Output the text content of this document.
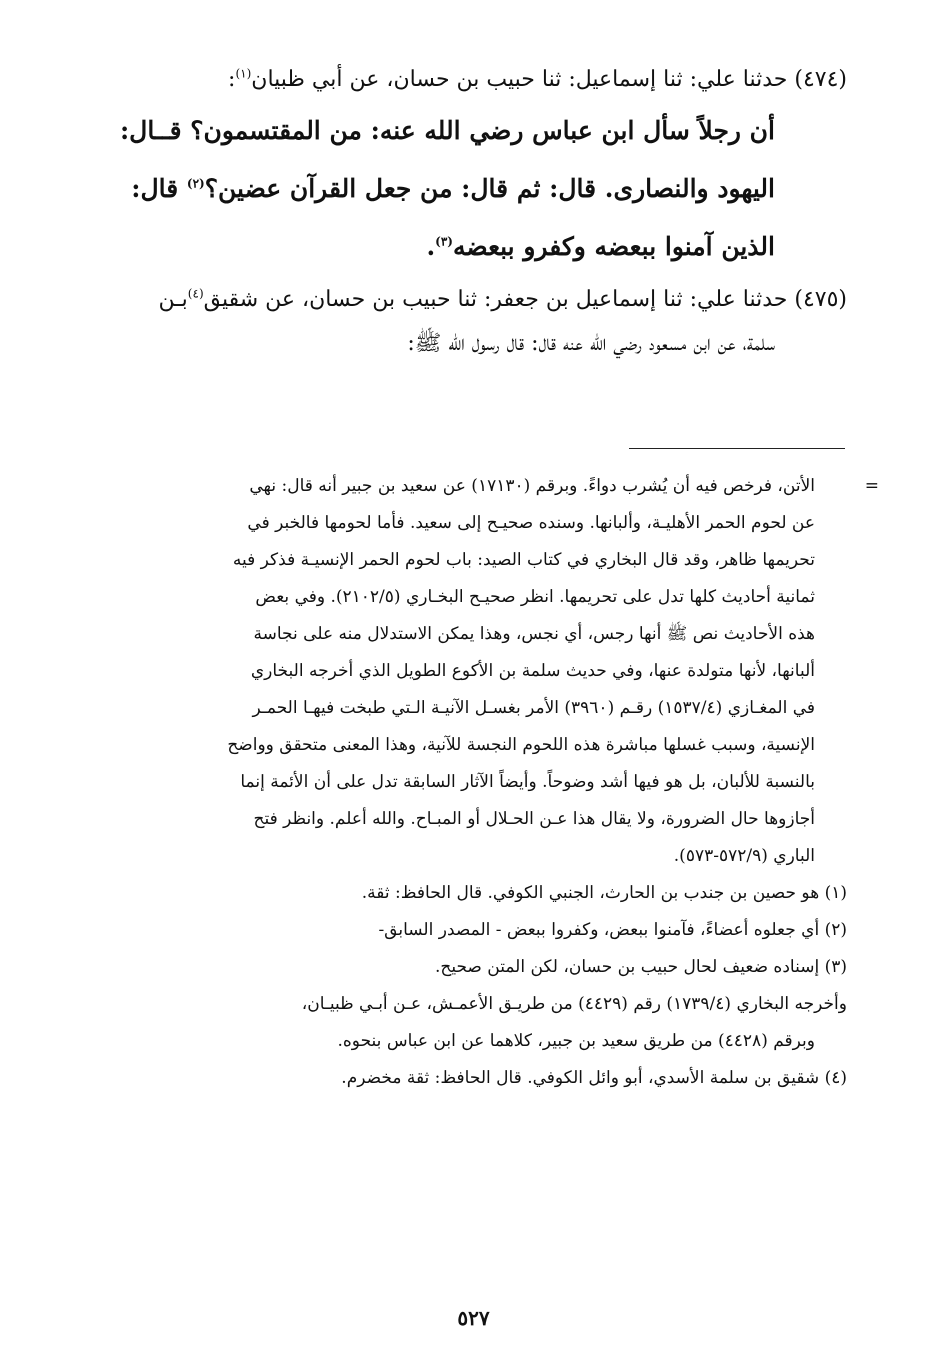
(٤٧٤) حدثنا علي: ثنا إسماعيل: ثنا حبيب بن حسان، عن أبي ظبيان$^{(١)}$:
أن رجلاً سأل ابن عباس رضي الله عنه: من المقتسمون؟ قــال:
اليهود والنصارى. قال: ثم قال: من جعل القرآن عضين؟$^{(٢)}$ قال:
الذين آمنوا ببعضه وكفرو ببعضه$^{(٣)}$.
(٤٧٥) حدثنا علي: ثنا إسماعيل بن جعفر: ثنا حبيب بن حسان، عن شقيق$^{(٤)}$بـن
سلمة، عن ابن مسعود رضي الله عنه قال: قال رسول الله ﷺ:
=
الأتن، فرخص فيه أن يُشرب دواءً. وبرقم (١٧١٣٠) عن سعيد بن جبير أنه قال: نهي
عن لحوم الحمر الأهليـة، وألبانها. وسنده صحيـح إلى سعيد. فأما لحومها فالخبر في
تحريمها ظاهر، وقد قال البخاري في كتاب الصيد: باب لحوم الحمر الإنسيـة فذكر فيه
ثمانية أحاديث كلها تدل على تحريمها. انظر صحيـح البخـاري (٢١٠٢/٥). وفي بعض
هذه الأحاديث نص ﷺ أنها رجس، أي نجس، وهذا يمكن الاستدلال منه على نجاسة
ألبانها، لأنها متولدة عنها، وفي حديث سلمة بن الأكوع الطويل الذي أخرجه البخاري
في المغـازي (١٥٣٧/٤) رقـم (٣٩٦٠) الأمر بغسـل الآنيـة الـتي طبخت فيهـا الحمـر
الإنسية، وسبب غسلها مباشرة هذه اللحوم النجسة للآنية، وهذا المعنى متحقق وواضح
بالنسبة للألبان، بل هو فيها أشد وضوحاً. وأيضاً الآثار السابقة تدل على أن الأئمة إنما
أجازوها حال الضرورة، ولا يقال هذا عـن الحـلال أو المبـاح. والله أعلم. وانظر فتح
الباري (٥٧٢/٩-٥٧٣).
(١) هو حصين بن جندب بن الحارث، الجنبي الكوفي. قال الحافظ: ثقة.
(٢) أي جعلوه أعضاءً، فآمنوا ببعض، وكفروا ببعض - المصدر السابق-
(٣) إسناده ضعيف لحال حبيب بن حسان، لكن المتن صحيح.
وأخرجه البخاري (١٧٣٩/٤) رقم (٤٤٢٩) من طريـق الأعمـش، عـن أبـي ظبيـان،
وبرقم (٤٤٢٨) من طريق سعيد بن جبير، كلاهما عن ابن عباس بنحوه.
(٤) شقيق بن سلمة الأسدي، أبو وائل الكوفي. قال الحافظ: ثقة مخضرم.
٥٢٧
